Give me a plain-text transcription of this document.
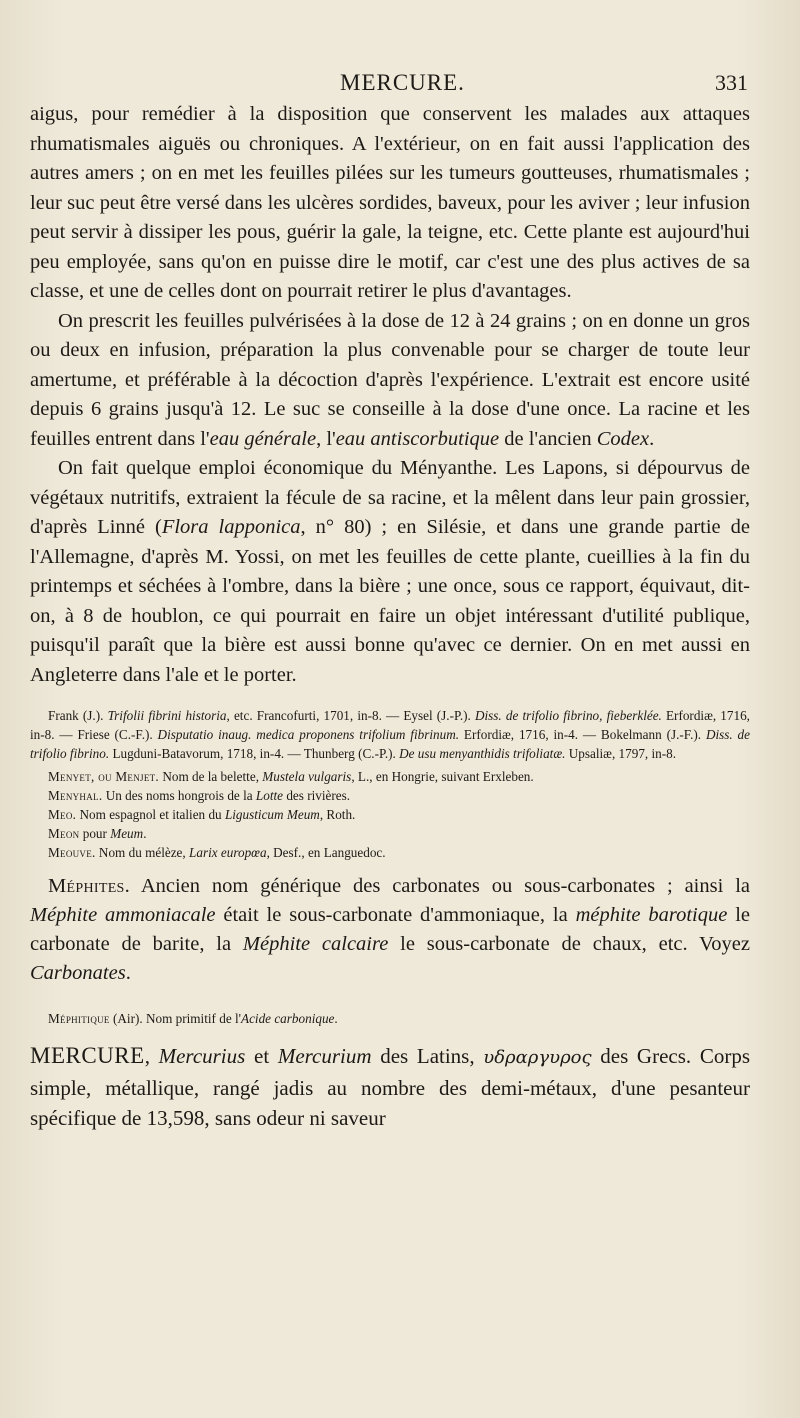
MERCURE.	331

aigus, pour remédier à la disposition que conservent les malades aux attaques rhumatismales aiguës ou chroniques. A l'extérieur, on en fait aussi l'application des autres amers ; on en met les feuilles pilées sur les tumeurs goutteuses, rhumatismales ; leur suc peut être versé dans les ulcères sordides, baveux, pour les aviver ; leur infusion peut servir à dissiper les pous, guérir la gale, la teigne, etc. Cette plante est aujourd'hui peu employée, sans qu'on en puisse dire le motif, car c'est une des plus actives de sa classe, et une de celles dont on pourrait retirer le plus d'avantages.

On prescrit les feuilles pulvérisées à la dose de 12 à 24 grains ; on en donne un gros ou deux en infusion, préparation la plus convenable pour se charger de toute leur amertume, et préférable à la décoction d'après l'expérience. L'extrait est encore usité depuis 6 grains jusqu'à 12. Le suc se conseille à la dose d'une once. La racine et les feuilles entrent dans l'eau générale, l'eau antiscorbutique de l'ancien Codex.

On fait quelque emploi économique du Ményanthe. Les Lapons, si dépourvus de végétaux nutritifs, extraient la fécule de sa racine, et la mêlent dans leur pain grossier, d'après Linné (Flora lapponica, n° 80) ; en Silésie, et dans une grande partie de l'Allemagne, d'après M. Yossi, on met les feuilles de cette plante, cueillies à la fin du printemps et séchées à l'ombre, dans la bière ; une once, sous ce rapport, équivaut, dit-on, à 8 de houblon, ce qui pourrait en faire un objet intéressant d'utilité publique, puisqu'il paraît que la bière est aussi bonne qu'avec ce dernier. On en met aussi en Angleterre dans l'ale et le porter.

Frank (J.). Trifolii fibrini historia, etc. Francofurti, 1701, in-8. — Eysel (J.-P.). Diss. de trifolio fibrino, fieberklée. Erfordiæ, 1716, in-8. — Friese (C.-F.). Disputatio inaug. medica proponens trifolium fibrinum. Erfordiæ, 1716, in-4. — Bokelmann (J.-F.). Diss. de trifolio fibrino. Lugduni-Batavorum, 1718, in-4. — Thunberg (C.-P.). De usu menyanthidis trifoliatæ. Upsaliæ, 1797, in-8.

Menyet, ou Menjet. Nom de la belette, Mustela vulgaris, L., en Hongrie, suivant Erxleben.

Menyhal. Un des noms hongrois de la Lotte des rivières.

Meo. Nom espagnol et italien du Ligusticum Meum, Roth.

Meon pour Meum.

Meouve. Nom du mélèze, Larix europœa, Desf., en Languedoc.

Méphites. Ancien nom générique des carbonates ou sous-carbonates ; ainsi la Méphite ammoniacale était le sous-carbonate d'ammoniaque, la méphite barotique le carbonate de barite, la Méphite calcaire le sous-carbonate de chaux, etc. Voyez Carbonates.

Méphitique (Air). Nom primitif de l'Acide carbonique.

MERCURE, Mercurius et Mercurium des Latins, υδραργυρος des Grecs. Corps simple, métallique, rangé jadis au nombre des demi-métaux, d'une pesanteur spécifique de 13,598, sans odeur ni saveur
